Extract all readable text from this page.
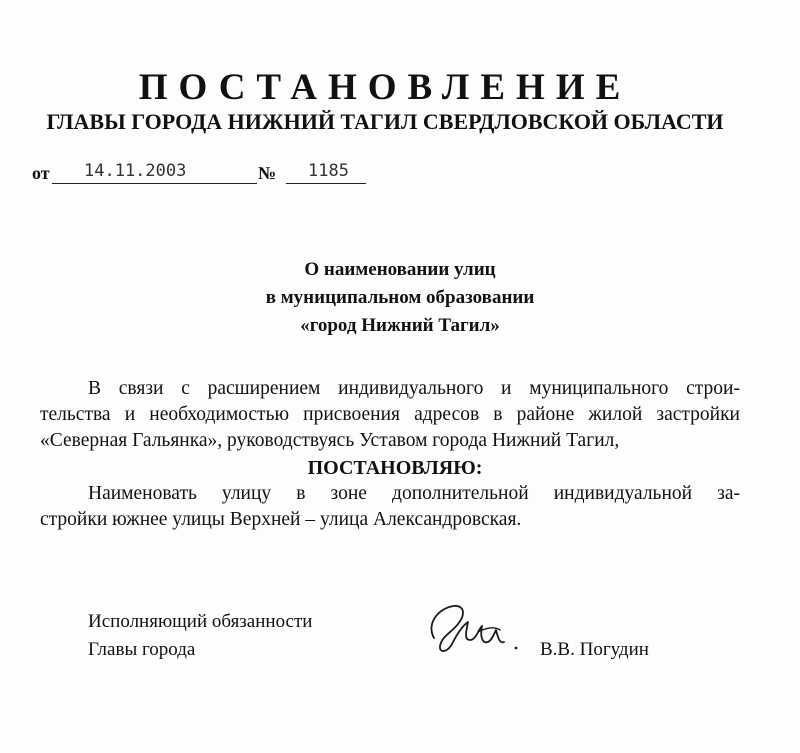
ПОСТАНОВЛЕНИЕ
ГЛАВЫ ГОРОДА НИЖНИЙ ТАГИЛ СВЕРДЛОВСКОЙ ОБЛАСТИ
от	14.11.2003	№	1185
О наименовании улиц
в муниципальном образовании
«город Нижний Тагил»
В связи с расширением индивидуального и муниципального строи-
тельства и необходимостью присвоения адресов в районе жилой застройки
«Северная Гальянка», руководствуясь Уставом города Нижний Тагил,
ПОСТАНОВЛЯЮ:
Наименовать улицу в зоне дополнительной индивидуальной за-
стройки южнее улицы Верхней – улица Александровская.
Исполняющий обязанности
Главы города	В.В. Погудин
